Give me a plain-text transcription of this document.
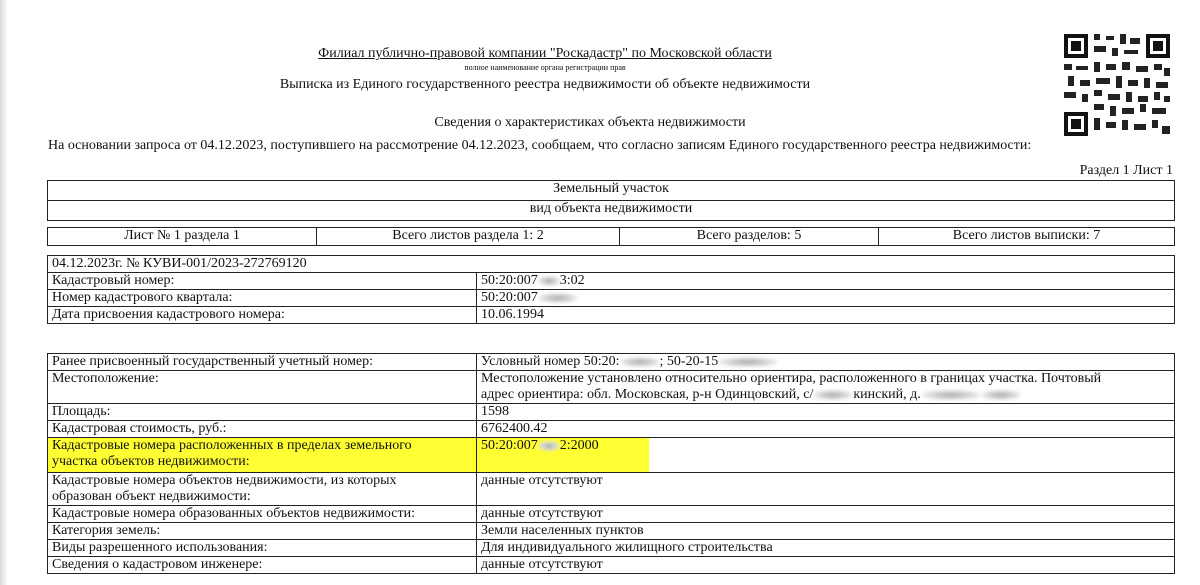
Филиал публично-правовой компании "Роскадастр" по Московской области
полное наименование органа регистрации прав
Выписка из Единого государственного реестра недвижимости об объекте недвижимости
Сведения о характеристиках объекта недвижимости
На основании запроса от 04.12.2023, поступившего на рассмотрение 04.12.2023, сообщаем, что согласно записям Единого государственного реестра недвижимости:
Раздел 1 Лист 1
Земельный участок
вид объекта недвижимости
Лист № 1 раздела 1	Всего листов раздела 1: 2	Всего разделов: 5	Всего листов выписки: 7
04.12.2023г. № КУВИ-001/2023-272769120	
Кадастровый номер:	50:20:007 3:02
Номер кадастрового квартала:	50:20:007
Дата присвоения кадастрового номера:	10.06.1994
Ранее присвоенный государственный учетный номер:	Условный номер 50:20: ; 50-20-15
Местоположение:	Местоположение установлено относительно ориентира, расположенного в границах участка. Почтовый
адрес ориентира: обл. Московская, р-н Одинцовский, с/ кинский, д.

Площадь:	1598
Кадастровая стоимость, руб.:	6762400.42

Кадастровые номера расположенных в пределах земельного
участка объектов недвижимости:	50:20:007 2:2000

Кадастровые номера объектов недвижимости, из которых
образован объект недвижимости:	данные отсутствуют
Кадастровые номера образованных объектов недвижимости:	данные отсутствуют
Категория земель:	Земли населенных пунктов
Виды разрешенного использования:	Для индивидуального жилищного строительства
Сведения о кадастровом инженере:	данные отсутствуют
